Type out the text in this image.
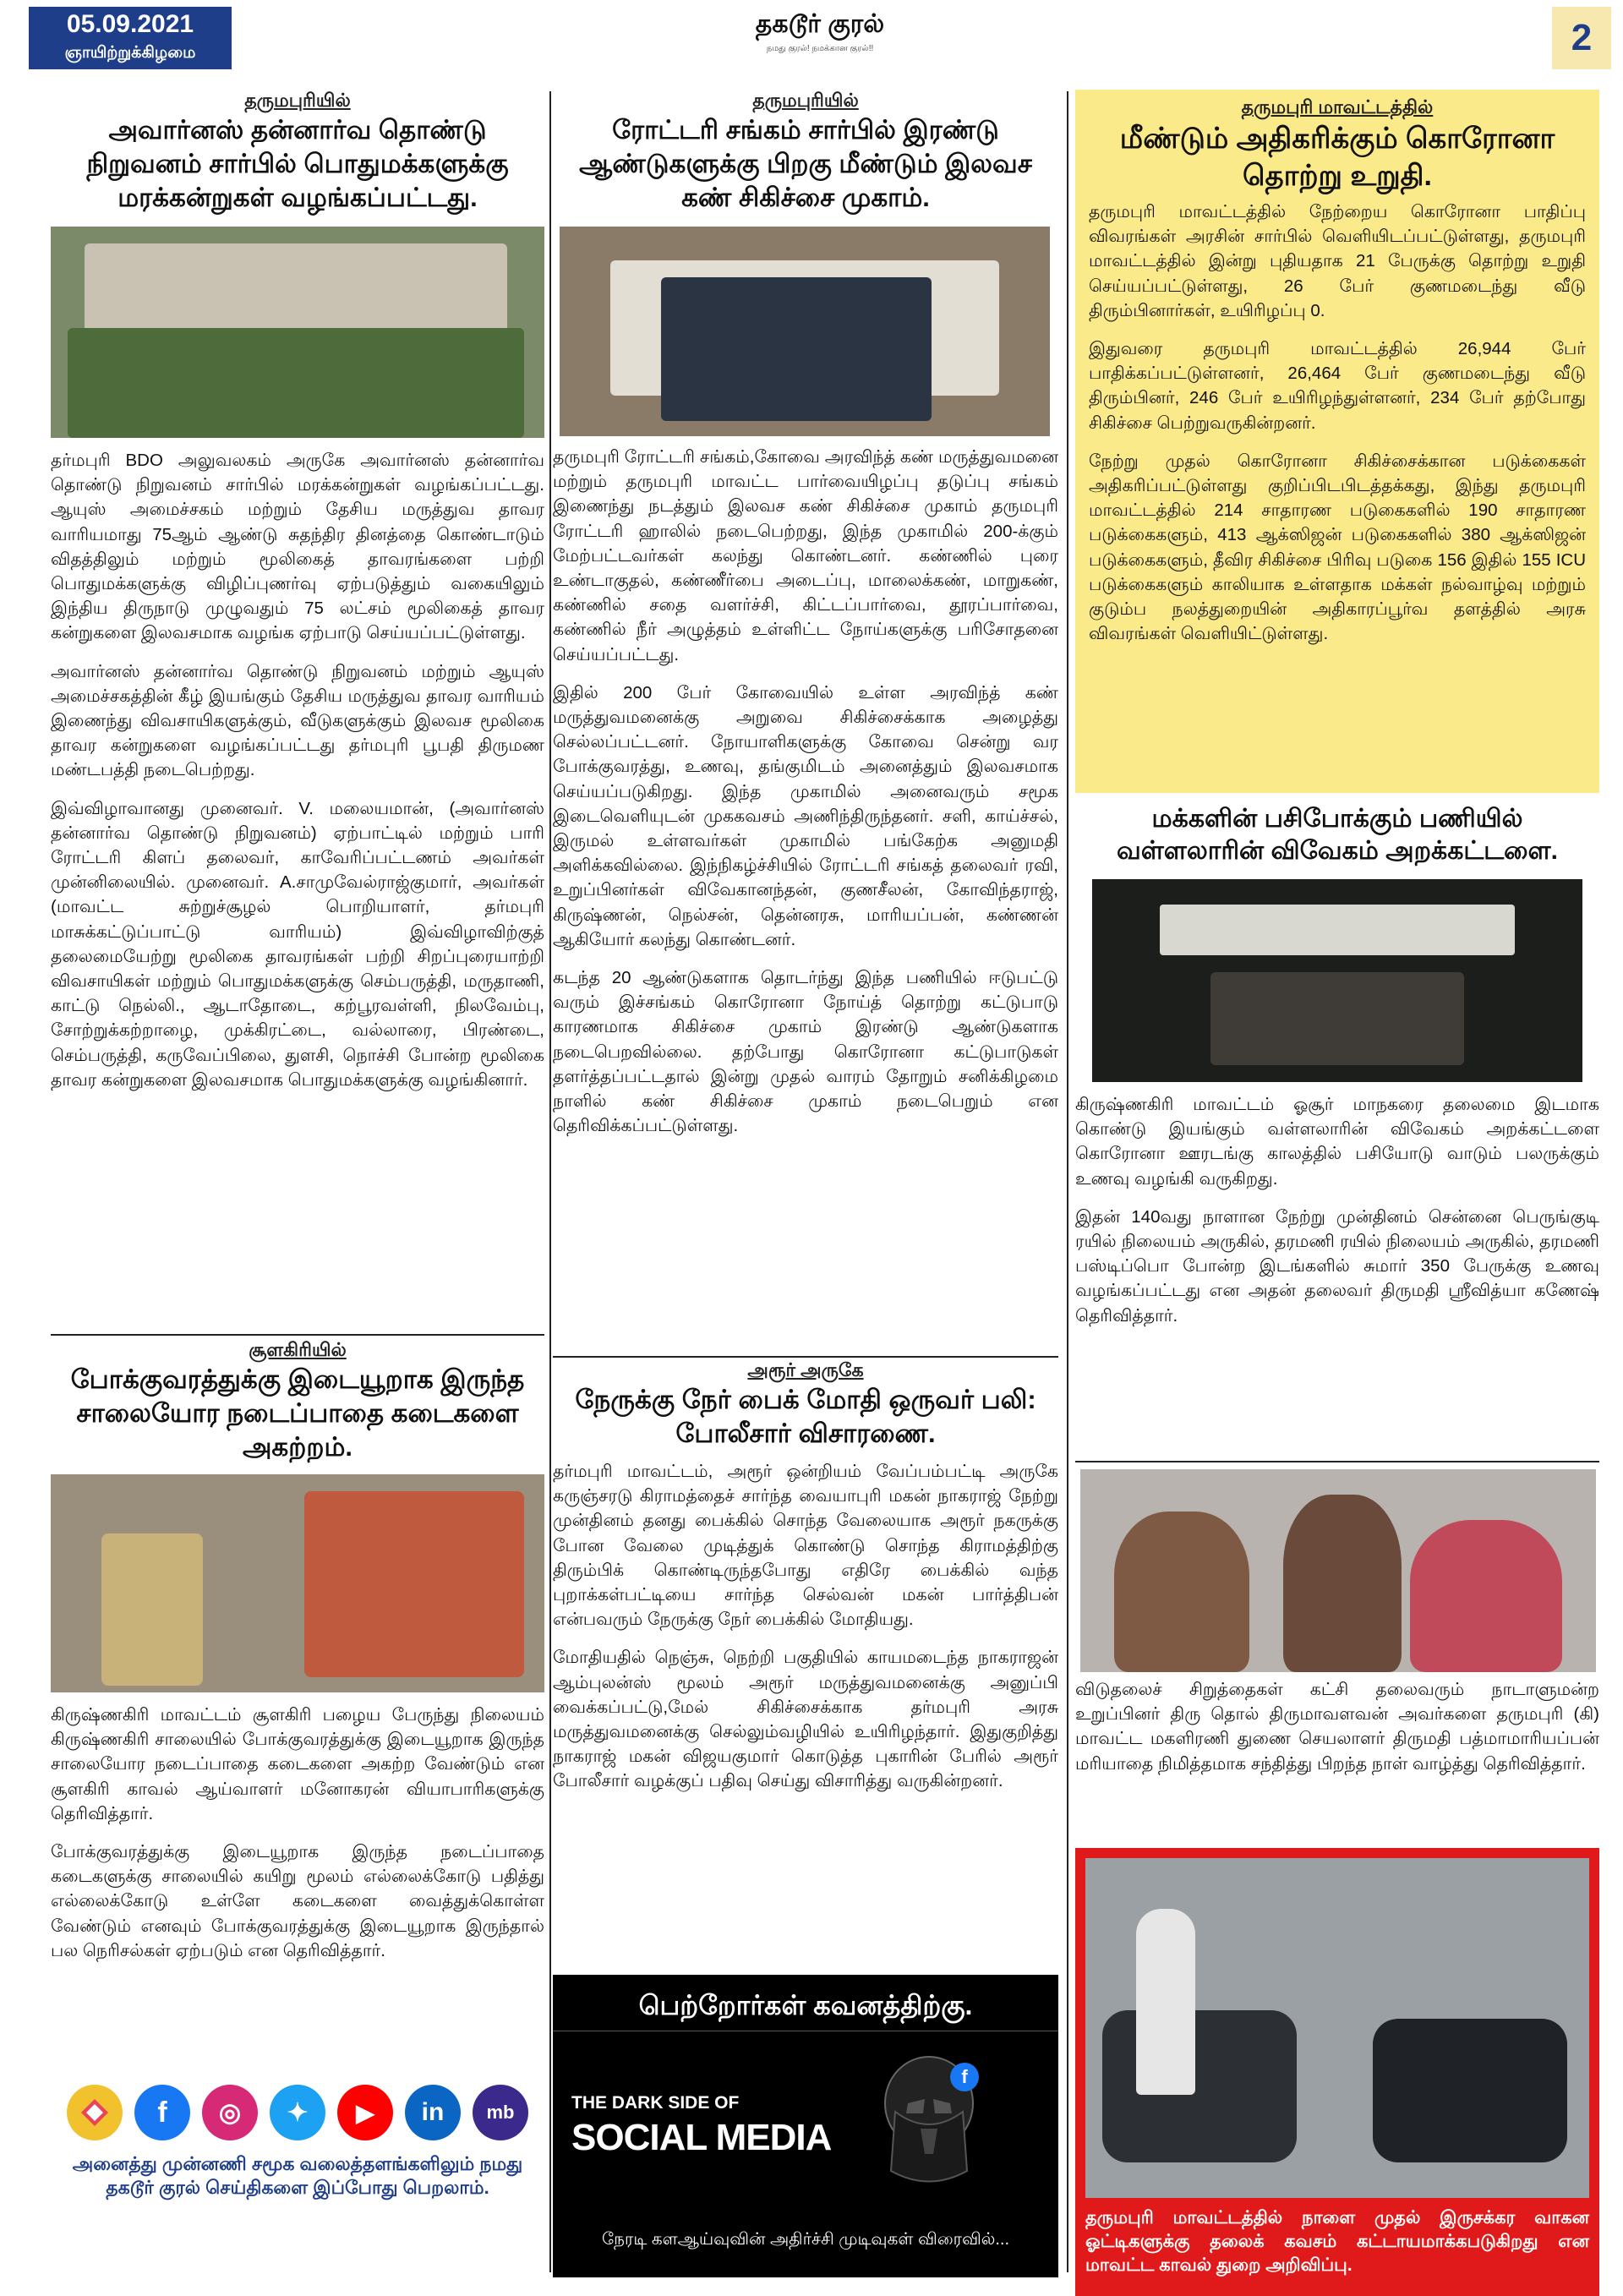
05.09.2021
ஞாயிற்றுக்கிழமை
தகடூர் குரல்
நமது குரல்! நமக்கான குரல்!!	2
தருமபுரியில்
அவார்னஸ் தன்னார்வ தொண்டு நிறுவனம் சார்பில் பொதுமக்களுக்கு மரக்கன்றுகள் வழங்கப்பட்டது.

தர்மபுரி BDO அலுவலகம் அருகே அவார்னஸ் தன்னார்வ தொண்டு நிறுவனம் சார்பில் மரக்கன்றுகள் வழங்கப்பட்டது. ஆயுஸ் அமைச்சகம் மற்றும் தேசிய மருத்துவ தாவர வாரியமாது 75ஆம் ஆண்டு சுதந்திர தினத்தை கொண்டாடும் விதத்திலும் மற்றும் மூலிகைத் தாவரங்களை பற்றி பொதுமக்களுக்கு விழிப்புணர்வு ஏற்படுத்தும் வகையிலும் இந்திய திருநாடு முழுவதும் 75 லட்சம் மூலிகைத் தாவர கன்றுகளை இலவசமாக வழங்க ஏற்பாடு செய்யப்பட்டுள்ளது.

அவார்னஸ் தன்னார்வ தொண்டு நிறுவனம் மற்றும் ஆயுஸ் அமைச்சகத்தின் கீழ் இயங்கும் தேசிய மருத்துவ தாவர வாரியம் இணைந்து விவசாயிகளுக்கும், வீடுகளுக்கும் இலவச மூலிகை தாவர கன்றுகளை வழங்கப்பட்டது தர்மபுரி பூபதி திருமண மண்டபத்தி நடைபெற்றது.

இவ்விழாவானது முனைவர். V. மலையமான், (அவார்னஸ் தன்னார்வ தொண்டு நிறுவனம்) ஏற்பாட்டில் மற்றும் பாரி ரோட்டரி கிளப் தலைவர், காவேரிப்பட்டணம் அவர்கள் முன்னிலையில். முனைவர். A.சாமுவேல்ராஜ்குமார், அவர்கள் (மாவட்ட சுற்றுச்சூழல் பொறியாளர், தர்மபுரி மாசுக்கட்டுப்பாட்டு வாரியம்) இவ்விழாவிற்குத் தலைமையேற்று மூலிகை தாவரங்கள் பற்றி சிறப்புரையாற்றி விவசாயிகள் மற்றும் பொதுமக்களுக்கு செம்பருத்தி, மருதாணி, காட்டு நெல்லி., ஆடாதோடை, கற்பூரவள்ளி, நிலவேம்பு, சோற்றுக்கற்றாழை, முக்கிரட்டை, வல்லாரை, பிரண்டை, செம்பருத்தி, கருவேப்பிலை, துளசி, நொச்சி போன்ற மூலிகை தாவர கன்றுகளை இலவசமாக பொதுமக்களுக்கு வழங்கினார்.

சூளகிரியில்
போக்குவரத்துக்கு இடையூறாக இருந்த சாலையோர நடைப்பாதை கடைகளை அகற்றம்.

கிருஷ்ணகிரி மாவட்டம் சூளகிரி பழைய பேருந்து நிலையம் கிருஷ்ணகிரி சாலையில் போக்குவரத்துக்கு இடையூறாக இருந்த சாலையோர நடைப்பாதை கடைகளை அகற்ற வேண்டும் என சூளகிரி காவல் ஆய்வாளர் மனோகரன் வியாபாரிகளுக்கு தெரிவித்தார்.

போக்குவரத்துக்கு இடையூறாக இருந்த நடைப்பாதை கடைகளுக்கு சாலையில் கயிறு மூலம் எல்லைக்கோடு பதித்து எல்லைக்கோடு உள்ளே கடைகளை வைத்துக்கொள்ள வேண்டும் எனவும் போக்குவரத்துக்கு இடையூறாக இருந்தால் பல நெரிசல்கள் ஏற்படும் என தெரிவித்தார்.

f	◎	✦	▶	in	mb
அனைத்து முன்னணி சமூக வலைத்தளங்களிலும் நமது தகடூர் குரல் செய்திகளை இப்போது பெறலாம்.
தருமபுரியில்
ரோட்டரி சங்கம் சார்பில் இரண்டு ஆண்டுகளுக்கு பிறகு மீண்டும் இலவச கண் சிகிச்சை முகாம்.

தருமபுரி ரோட்டரி சங்கம்,கோவை அரவிந்த் கண் மருத்துவமனை மற்றும் தருமபுரி மாவட்ட பார்வையிழப்பு தடுப்பு சங்கம் இணைந்து நடத்தும் இலவச கண் சிகிச்சை முகாம் தருமபுரி ரோட்டரி ஹாலில் நடைபெற்றது, இந்த முகாமில் 200-க்கும் மேற்பட்டவர்கள் கலந்து கொண்டனர். கண்ணில் புரை உண்டாகுதல், கண்ணீர்பை அடைப்பு, மாலைக்கண், மாறுகண், கண்ணில் சதை வளர்ச்சி, கிட்டப்பார்வை, தூரப்பார்வை, கண்ணில் நீர் அழுத்தம் உள்ளிட்ட நோய்களுக்கு பரிசோதனை செய்யப்பட்டது.

இதில் 200 பேர் கோவையில் உள்ள அரவிந்த் கண் மருத்துவமனைக்கு அறுவை சிகிச்சைக்காக அழைத்து செல்லப்பட்டனர். நோயாளிகளுக்கு கோவை சென்று வர போக்குவரத்து, உணவு, தங்குமிடம் அனைத்தும் இலவசமாக செய்யப்படுகிறது. இந்த முகாமில் அனைவரும் சமூக இடைவெளியுடன் முககவசம் அணிந்திருந்தனர். சளி, காய்ச்சல், இருமல் உள்ளவர்கள் முகாமில் பங்கேற்க அனுமதி அளிக்கவில்லை. இந்நிகழ்ச்சியில் ரோட்டரி சங்கத் தலைவர் ரவி, உறுப்பினர்கள் விவேகானந்தன், குணசீலன், கோவிந்தராஜ், கிருஷ்ணன், நெல்சன், தென்னரசு, மாரியப்பன், கண்ணன் ஆகியோர் கலந்து கொண்டனர்.

கடந்த 20 ஆண்டுகளாக தொடர்ந்து இந்த பணியில் ஈடுபட்டு வரும் இச்சங்கம் கொரோனா நோய்த் தொற்று கட்டுபாடு காரணமாக சிகிச்சை முகாம் இரண்டு ஆண்டுகளாக நடைபெறவில்லை. தற்போது கொரோனா கட்டுபாடுகள் தளர்த்தப்பட்டதால் இன்று முதல் வாரம் தோறும் சனிக்கிழமை நாளில் கண் சிகிச்சை முகாம் நடைபெறும் என தெரிவிக்கப்பட்டுள்ளது.

அரூர் அருகே
நேருக்கு நேர் பைக் மோதி ஒருவர் பலி: போலீசார் விசாரணை.

தர்மபுரி மாவட்டம், அரூர் ஒன்றியம் வேப்பம்பட்டி அருகே கருஞ்சரடு கிராமத்தைச் சார்ந்த வையாபுரி மகன் நாகராஜ் நேற்று முன்தினம் தனது பைக்கில் சொந்த வேலையாக அரூர் நகருக்கு போன வேலை முடித்துக் கொண்டு சொந்த கிராமத்திற்கு திரும்பிக் கொண்டிருந்தபோது எதிரே பைக்கில் வந்த புறாக்கள்பட்டியை சார்ந்த செல்வன் மகன் பார்த்திபன் என்பவரும் நேருக்கு நேர் பைக்கில் மோதியது.

மோதியதில் நெஞ்சு, நெற்றி பகுதியில் காயமடைந்த நாகராஜன் ஆம்புலன்ஸ் மூலம் அரூர் மருத்துவமனைக்கு அனுப்பி வைக்கப்பட்டு,மேல் சிகிச்சைக்காக தர்மபுரி அரசு மருத்துவமனைக்கு செல்லும்வழியில் உயிரிழந்தார். இதுகுறித்து நாகராஜ் மகன் விஜயகுமார் கொடுத்த புகாரின் பேரில் அரூர் போலீசார் வழக்குப் பதிவு செய்து விசாரித்து வருகின்றனர்.

பெற்றோர்கள் கவனத்திற்கு.
THE DARK SIDE OF
SOCIAL MEDIA
f
நேரடி களஆய்வுவின் அதிர்ச்சி முடிவுகள் விரைவில்...
தருமபுரி மாவட்டத்தில்
மீண்டும் அதிகரிக்கும் கொரோனா தொற்று உறுதி.

தருமபுரி மாவட்டத்தில் நேற்றைய கொரோனா பாதிப்பு விவரங்கள் அரசின் சார்பில் வெளியிடப்பட்டுள்ளது, தருமபுரி மாவட்டத்தில் இன்று புதியதாக 21 பேருக்கு தொற்று உறுதி செய்யப்பட்டுள்ளது, 26 பேர் குணமடைந்து வீடு திரும்பினார்கள், உயிரிழப்பு 0.

இதுவரை தருமபுரி மாவட்டத்தில் 26,944 பேர் பாதிக்கப்பட்டுள்ளனர், 26,464 பேர் குணமடைந்து வீடு திரும்பினர், 246 பேர் உயிரிழந்துள்ளனர், 234 பேர் தற்போது சிகிச்சை பெற்றுவருகின்றனர்.

நேற்று முதல் கொரோனா சிகிச்சைக்கான படுக்கைகள் அதிகரிப்பட்டுள்ளது குறிப்பிடபிடத்தக்கது, இந்து தருமபுரி மாவட்டத்தில் 214 சாதாரண படுகைகளில் 190 சாதாரண படுக்கைகளும், 413 ஆக்ஸிஜன் படுகைகளில் 380 ஆக்ஸிஜன் படுக்கைகளும், தீவிர சிகிச்சை பிரிவு படுகை 156 இதில் 155 ICU படுக்கைகளும் காலியாக உள்ளதாக மக்கள் நல்வாழ்வு மற்றும் குடும்ப நலத்துறையின் அதிகாரப்பூர்வ தளத்தில் அரசு விவரங்கள் வெளியிட்டுள்ளது.

மக்களின் பசிபோக்கும் பணியில் வள்ளலாரின் விவேகம் அறக்கட்டளை.

கிருஷ்ணகிரி மாவட்டம் ஓசூர் மாநகரை தலைமை இடமாக கொண்டு இயங்கும் வள்ளலாரின் விவேகம் அறக்கட்டளை கொரோனா ஊரடங்கு காலத்தில் பசியோடு வாடும் பலருக்கும் உணவு வழங்கி வருகிறது.

இதன் 140வது நாளான நேற்று முன்தினம் சென்னை பெருங்குடி ரயில் நிலையம் அருகில், தரமணி ரயில் நிலையம் அருகில், தரமணி பஸ்டிப்பொ போன்ற இடங்களில் சுமார் 350 பேருக்கு உணவு வழங்கப்பட்டது என அதன் தலைவர் திருமதி ஸ்ரீவித்யா கணேஷ் தெரிவித்தார்.

விடுதலைச் சிறுத்தைகள் கட்சி தலைவரும் நாடாளுமன்ற உறுப்பினர் திரு தொல் திருமாவளவன் அவர்களை தருமபுரி (கி) மாவட்ட மகளிரணி துணை செயலாளர் திருமதி பத்மாமாரியப்பன் மரியாதை நிமித்தமாக சந்தித்து பிறந்த நாள் வாழ்த்து தெரிவித்தார்.

தருமபுரி மாவட்டத்தில் நாளை முதல் இருசக்கர வாகன ஓட்டிகளுக்கு தலைக் கவசம் கட்டாயமாக்கபடுகிறது என மாவட்ட காவல் துறை அறிவிப்பு.
